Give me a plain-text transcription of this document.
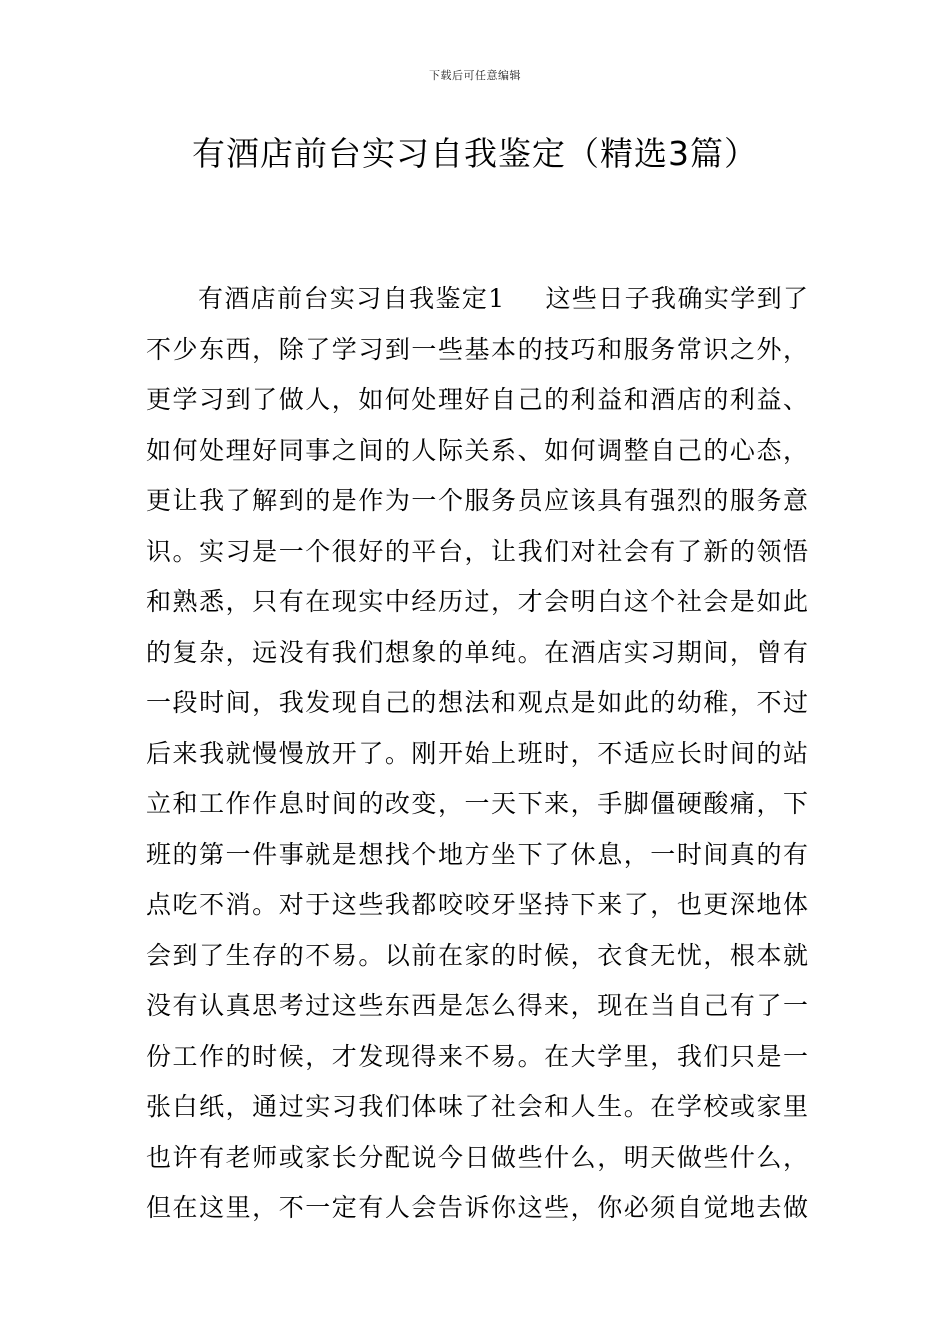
下载后可任意编辑
有酒店前台实习自我鉴定（精选3篇）
有酒店前台实习自我鉴定1 这些日子我确实学到了
不少东西，除了学习到一些基本的技巧和服务常识之外，
更学习到了做人，如何处理好自己的利益和酒店的利益、
如何处理好同事之间的人际关系、如何调整自己的心态，
更让我了解到的是作为一个服务员应该具有强烈的服务意
识。实习是一个很好的平台，让我们对社会有了新的领悟
和熟悉，只有在现实中经历过，才会明白这个社会是如此
的复杂，远没有我们想象的单纯。在酒店实习期间，曾有
一段时间，我发现自己的想法和观点是如此的幼稚，不过
后来我就慢慢放开了。刚开始上班时，不适应长时间的站
立和工作作息时间的改变，一天下来，手脚僵硬酸痛，下
班的第一件事就是想找个地方坐下了休息，一时间真的有
点吃不消。对于这些我都咬咬牙坚持下来了，也更深地体
会到了生存的不易。以前在家的时候，衣食无忧，根本就
没有认真思考过这些东西是怎么得来，现在当自己有了一
份工作的时候，才发现得来不易。在大学里，我们只是一
张白纸，通过实习我们体味了社会和人生。在学校或家里
也许有老师或家长分配说今日做些什么，明天做些什么，
但在这里，不一定有人会告诉你这些，你必须自觉地去做
